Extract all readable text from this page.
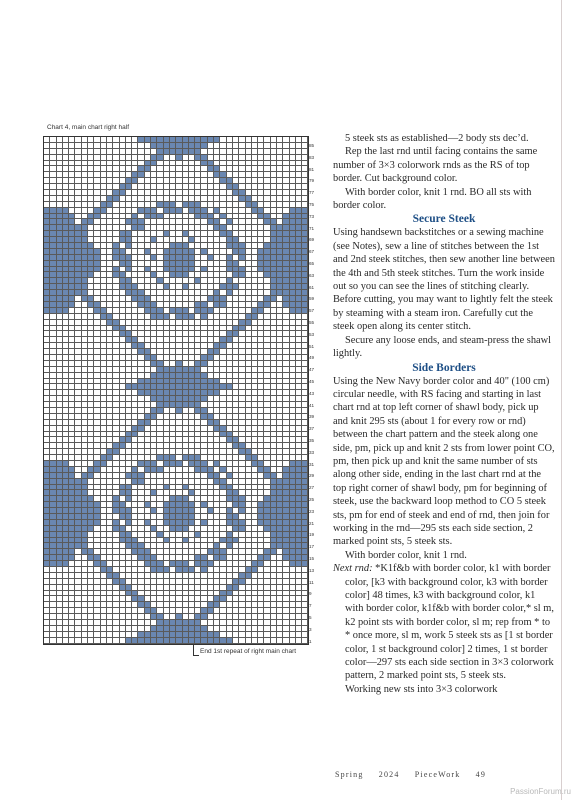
Chart 4, main chart right half
85
83
81
79
77
75
73
71
69
67
65
63
61
59
57
55
53
51
49
47
45
43
41
39
37
35
33
31
29
27
25
23
21
19
17
15
13
11
9
7
5
3
1
End 1st repeat of right main chart

5 steek sts as established—2 body sts dec’d.

Rep the last rnd until facing contains the same number of 3×3 colorwork rnds as the RS of top border. Cut background color.

With border color, knit 1 rnd. BO all sts with border color.

Secure Steek

Using handsewn backstitches or a sewing machine (see Notes), sew a line of stitches between the 1st and 2nd steek stitches, then sew another line between the 4th and 5th steek stitches. Turn the work inside out so you can see the lines of stitching clearly. Before cutting, you may want to lightly felt the steek by steaming with a steam iron. Carefully cut the steek open along its center stitch.

Secure any loose ends, and steam-press the shawl lightly.

Side Borders

Using the New Navy border color and 40" (100 cm) circular needle, with RS facing and starting in last chart rnd at top left corner of shawl body, pick up and knit 295 sts (about 1 for every row or rnd) between the chart pattern and the steek along one side, pm, pick up and knit 2 sts from lower point CO, pm, then pick up and knit the same number of sts along other side, ending in the last chart rnd at the top right corner of shawl body, pm for beginning of steek, use the backward loop method to CO 5 steek sts, pm for end of steek and end of rnd, then join for working in the rnd—295 sts each side section, 2 marked point sts, 5 steek sts.

With border color, knit 1 rnd.

Next rnd: *K1f&b with border color, k1 with border color, [k3 with background color, k3 with border color] 48 times, k3 with background color, k1 with border color, k1f&b with border color,* sl m, k2 point sts with border color, sl m; rep from * to * once more, sl m, work 5 steek sts as [1 st border color, 1 st background color] 2 times, 1 st border color—297 sts each side section in 3×3 colorwork pattern, 2 marked point sts, 5 steek sts.

Working new sts into 3×3 colorwork

Spring 2024 PieceWork 49
PassionForum.ru
